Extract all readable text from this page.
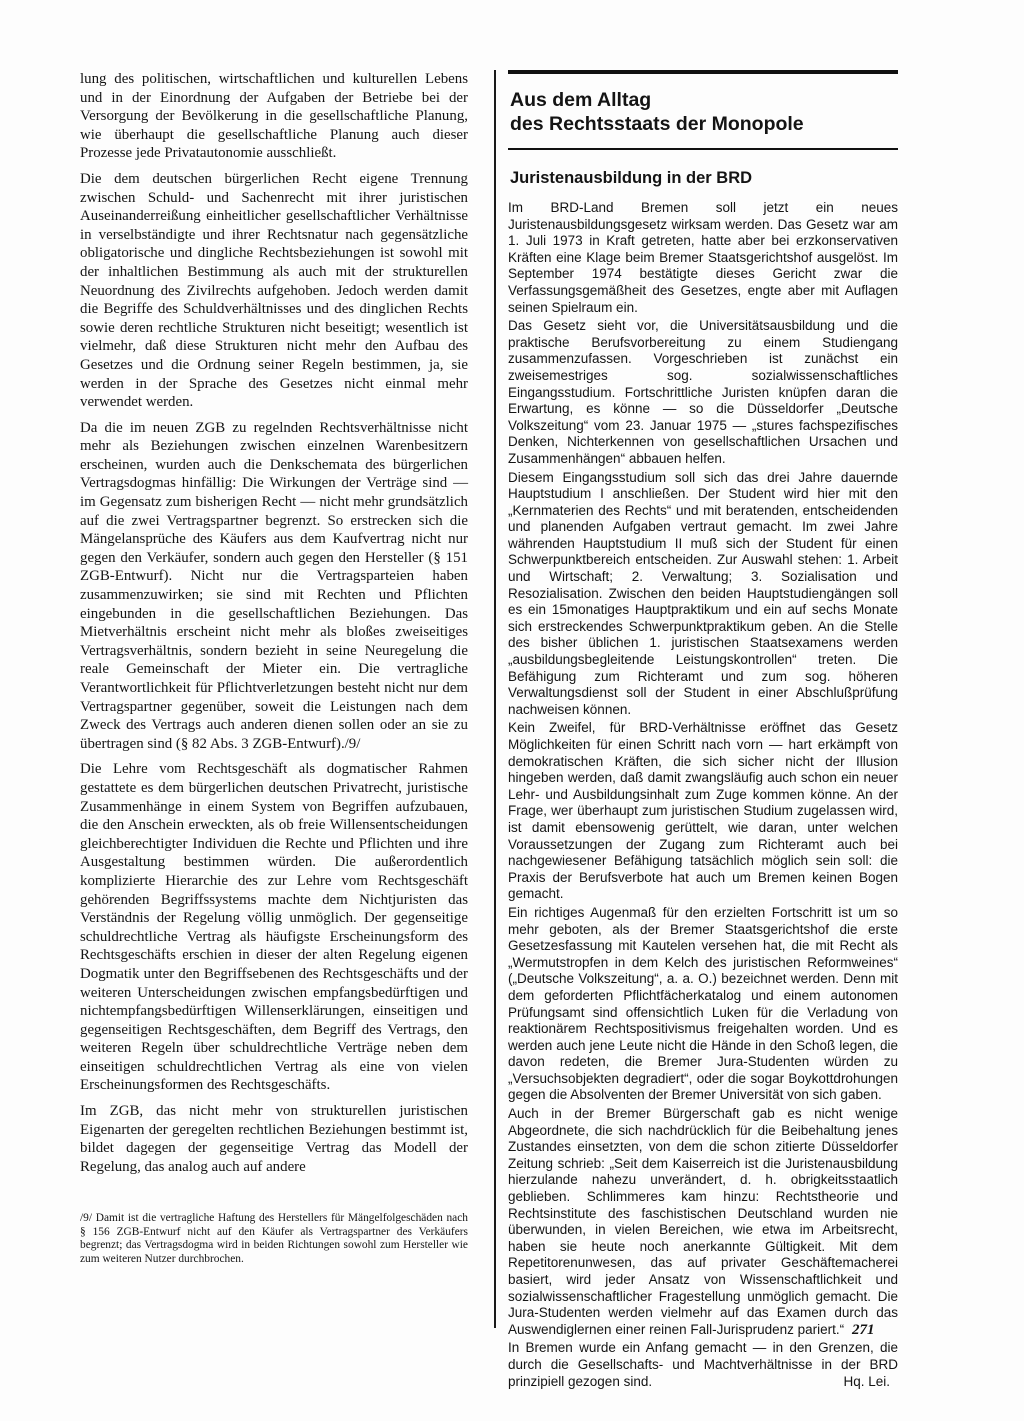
lung des politischen, wirtschaftlichen und kulturellen Lebens und in der Einordnung der Aufgaben der Betriebe bei der Versorgung der Bevölkerung in die gesellschaftliche Planung, wie überhaupt die gesellschaftliche Planung auch dieser Prozesse jede Privatautonomie ausschließt.

Die dem deutschen bürgerlichen Recht eigene Trennung zwischen Schuld- und Sachenrecht mit ihrer juristischen Auseinanderreißung einheitlicher gesellschaftlicher Verhältnisse in verselbständigte und ihrer Rechtsnatur nach gegensätzliche obligatorische und dingliche Rechtsbeziehungen ist sowohl mit der inhaltlichen Bestimmung als auch mit der strukturellen Neuordnung des Zivilrechts aufgehoben. Jedoch werden damit die Begriffe des Schuldverhältnisses und des dinglichen Rechts sowie deren rechtliche Strukturen nicht beseitigt; wesentlich ist vielmehr, daß diese Strukturen nicht mehr den Aufbau des Gesetzes und die Ordnung seiner Regeln bestimmen, ja, sie werden in der Sprache des Gesetzes nicht einmal mehr verwendet werden.

Da die im neuen ZGB zu regelnden Rechtsverhältnisse nicht mehr als Beziehungen zwischen einzelnen Warenbesitzern erscheinen, wurden auch die Denkschemata des bürgerlichen Vertragsdogmas hinfällig: Die Wirkungen der Verträge sind — im Gegensatz zum bisherigen Recht — nicht mehr grundsätzlich auf die zwei Vertragspartner begrenzt. So erstrecken sich die Mängelansprüche des Käufers aus dem Kaufvertrag nicht nur gegen den Verkäufer, sondern auch gegen den Hersteller (§ 151 ZGB-Entwurf). Nicht nur die Vertragsparteien haben zusammenzuwirken; sie sind mit Rechten und Pflichten eingebunden in die gesellschaftlichen Beziehungen. Das Mietverhältnis erscheint nicht mehr als bloßes zweiseitiges Vertragsverhältnis, sondern bezieht in seine Neuregelung die reale Gemeinschaft der Mieter ein. Die vertragliche Verantwortlichkeit für Pflichtverletzungen besteht nicht nur dem Vertragspartner gegenüber, soweit die Leistungen nach dem Zweck des Vertrags auch anderen dienen sollen oder an sie zu übertragen sind (§ 82 Abs. 3 ZGB-Entwurf)./9/

Die Lehre vom Rechtsgeschäft als dogmatischer Rahmen gestattete es dem bürgerlichen deutschen Privatrecht, juristische Zusammenhänge in einem System von Begriffen aufzubauen, die den Anschein erweckten, als ob freie Willensentscheidungen gleichberechtigter Individuen die Rechte und Pflichten und ihre Ausgestaltung bestimmen würden. Die außerordentlich komplizierte Hierarchie des zur Lehre vom Rechtsgeschäft gehörenden Begriffssystems machte dem Nichtjuristen das Verständnis der Regelung völlig unmöglich. Der gegenseitige schuldrechtliche Vertrag als häufigste Erscheinungsform des Rechtsgeschäfts erschien in dieser der alten Regelung eigenen Dogmatik unter den Begriffsebenen des Rechtsgeschäfts und der weiteren Unterscheidungen zwischen empfangsbedürftigen und nichtempfangsbedürftigen Willenserklärungen, einseitigen und gegenseitigen Rechtsgeschäften, dem Begriff des Vertrags, den weiteren Regeln über schuldrechtliche Verträge neben dem einseitigen schuldrechtlichen Vertrag als eine von vielen Erscheinungsformen des Rechtsgeschäfts.

Im ZGB, das nicht mehr von strukturellen juristischen Eigenarten der geregelten rechtlichen Beziehungen bestimmt ist, bildet dagegen der gegenseitige Vertrag das Modell der Regelung, das analog auch auf andere

/9/ Damit ist die vertragliche Haftung des Herstellers für Mängelfolgeschäden nach § 156 ZGB-Entwurf nicht auf den Käufer als Vertragspartner des Verkäufers begrenzt; das Vertragsdogma wird in beiden Richtungen sowohl zum Hersteller wie zum weiteren Nutzer durchbrochen.

Aus dem Alltag
des Rechtsstaats der Monopole
Juristenausbildung in der BRD

Im BRD-Land Bremen soll jetzt ein neues Juristenausbildungsgesetz wirksam werden. Das Gesetz war am 1. Juli 1973 in Kraft getreten, hatte aber bei erzkonservativen Kräften eine Klage beim Bremer Staatsgerichtshof ausgelöst. Im September 1974 bestätigte dieses Gericht zwar die Verfassungsgemäßheit des Gesetzes, engte aber mit Auflagen seinen Spielraum ein.

Das Gesetz sieht vor, die Universitätsausbildung und die praktische Berufsvorbereitung zu einem Studiengang zusammenzufassen. Vorgeschrieben ist zunächst ein zweisemestriges sog. sozialwissenschaftliches Eingangsstudium. Fortschrittliche Juristen knüpfen daran die Erwartung, es könne — so die Düsseldorfer „Deutsche Volkszeitung“ vom 23. Januar 1975 — „stures fachspezifisches Denken, Nichterkennen von gesellschaftlichen Ursachen und Zusammenhängen“ abbauen helfen.

Diesem Eingangsstudium soll sich das drei Jahre dauernde Hauptstudium I anschließen. Der Student wird hier mit den „Kernmaterien des Rechts“ und mit beratenden, entscheidenden und planenden Aufgaben vertraut gemacht. Im zwei Jahre währenden Hauptstudium II muß sich der Student für einen Schwerpunktbereich entscheiden. Zur Auswahl stehen: 1. Arbeit und Wirtschaft; 2. Verwaltung; 3. Sozialisation und Resozialisation. Zwischen den beiden Hauptstudiengängen soll es ein 15monatiges Hauptpraktikum und ein auf sechs Monate sich erstreckendes Schwerpunktpraktikum geben. An die Stelle des bisher üblichen 1. juristischen Staatsexamens werden „ausbildungsbegleitende Leistungskontrollen“ treten. Die Befähigung zum Richteramt und zum sog. höheren Verwaltungsdienst soll der Student in einer Abschlußprüfung nachweisen können.

Kein Zweifel, für BRD-Verhältnisse eröffnet das Gesetz Möglichkeiten für einen Schritt nach vorn — hart erkämpft von demokratischen Kräften, die sich sicher nicht der Illusion hingeben werden, daß damit zwangsläufig auch schon ein neuer Lehr- und Ausbildungsinhalt zum Zuge kommen könne. An der Frage, wer überhaupt zum juristischen Studium zugelassen wird, ist damit ebensowenig gerüttelt, wie daran, unter welchen Voraussetzungen der Zugang zum Richteramt auch bei nachgewiesener Befähigung tatsächlich möglich sein soll: die Praxis der Berufsverbote hat auch um Bremen keinen Bogen gemacht.

Ein richtiges Augenmaß für den erzielten Fortschritt ist um so mehr geboten, als der Bremer Staatsgerichtshof die erste Gesetzesfassung mit Kautelen versehen hat, die mit Recht als „Wermutstropfen in dem Kelch des juristischen Reformweines“ („Deutsche Volkszeitung“, a. a. O.) bezeichnet werden. Denn mit dem geforderten Pflichtfächerkatalog und einem autonomen Prüfungsamt sind offensichtlich Luken für die Verladung von reaktionärem Rechtspositivismus freigehalten worden. Und es werden auch jene Leute nicht die Hände in den Schoß legen, die davon redeten, die Bremer Jura-Studenten würden zu „Versuchsobjekten degradiert“, oder die sogar Boykottdrohungen gegen die Absolventen der Bremer Universität von sich gaben.

Auch in der Bremer Bürgerschaft gab es nicht wenige Abgeordnete, die sich nachdrücklich für die Beibehaltung jenes Zustandes einsetzten, von dem die schon zitierte Düsseldorfer Zeitung schrieb: „Seit dem Kaiserreich ist die Juristenausbildung hierzulande nahezu unverändert, d. h. obrigkeitsstaatlich geblieben. Schlimmeres kam hinzu: Rechtstheorie und Rechtsinstitute des faschistischen Deutschland wurden nie überwunden, in vielen Bereichen, wie etwa im Arbeitsrecht, haben sie heute noch anerkannte Gültigkeit. Mit dem Repetitorenunwesen, das auf privater Geschäftemacherei basiert, wird jeder Ansatz von Wissenschaftlichkeit und sozialwissenschaftlicher Fragestellung unmöglich gemacht. Die Jura-Studenten werden vielmehr auf das Examen durch das Auswendiglernen einer reinen Fall-Jurisprudenz pariert.“

In Bremen wurde ein Anfang gemacht — in den Grenzen, die durch die Gesellschafts- und Machtverhältnisse in der BRD prinzipiell gezogen sind.	Hq. Lei.

271
